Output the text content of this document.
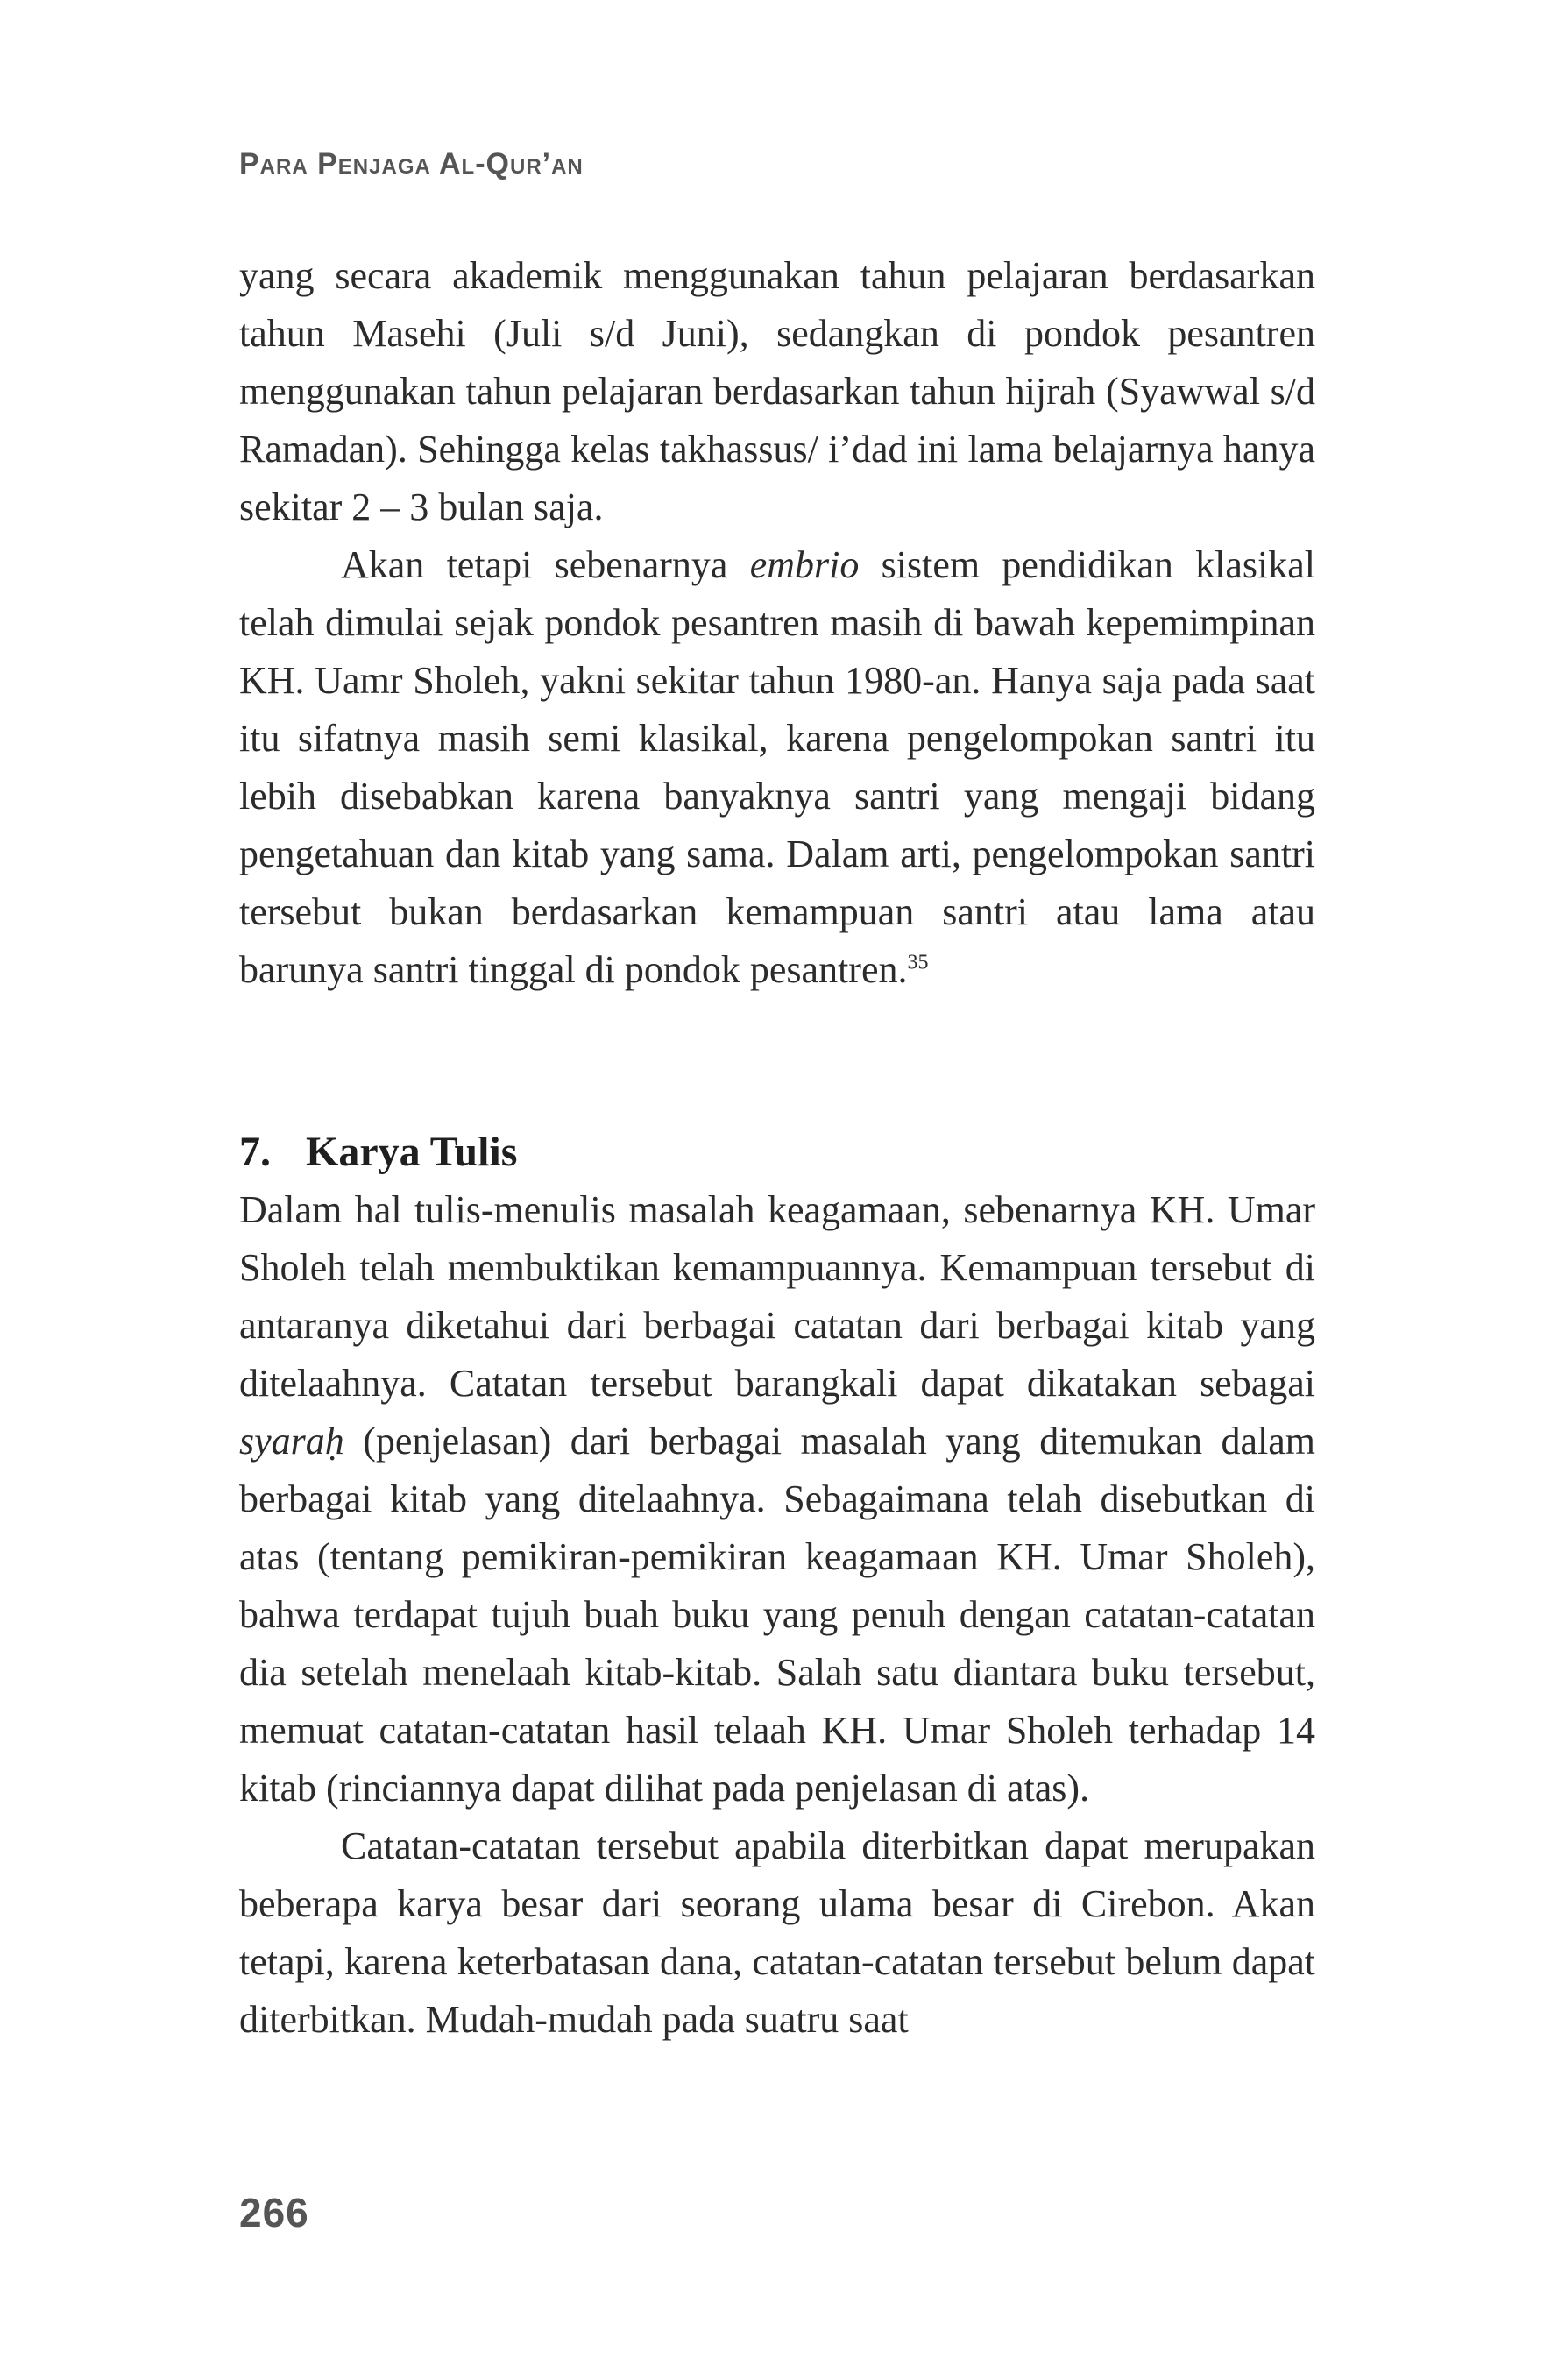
Para Penjaga Al-Qur’an

yang secara akademik menggunakan tahun pelajaran berdasarkan tahun Masehi (Juli s/d Juni), sedangkan di pondok pesantren menggunakan tahun pelajaran berdasarkan tahun hijrah (Syawwal s/d Ramadan). Sehingga kelas takhassus/ i’dad ini lama belajarnya hanya sekitar 2 – 3 bulan saja.

Akan tetapi sebenarnya embrio sistem pendidikan klasikal telah dimulai sejak pondok pesantren masih di bawah kepemimpinan KH. Uamr Sholeh, yakni sekitar tahun 1980-an. Hanya saja pada saat itu sifatnya masih semi klasikal, karena pengelompokan santri itu lebih disebabkan karena banyaknya santri yang mengaji bidang pengetahuan dan kitab yang sama. Dalam arti, pengelompokan santri tersebut bukan berdasarkan kemampuan santri atau lama atau barunya santri tinggal di pondok pesantren.$^{35}$

7. Karya Tulis

Dalam hal tulis-menulis masalah keagamaan, sebenarnya KH. Umar Sholeh telah membuktikan kemampuannya. Kemampuan tersebut di antaranya diketahui dari berbagai catatan dari berbagai kitab yang ditelaahnya. Catatan tersebut barangkali dapat dikatakan sebagai syaraḥ (penjelasan) dari berbagai masalah yang ditemukan dalam berbagai kitab yang ditelaahnya. Sebagaimana telah disebutkan di atas (tentang pemikiran-pemikiran keagamaan KH. Umar Sholeh), bahwa terdapat tujuh buah buku yang penuh dengan catatan-catatan dia setelah menelaah kitab-kitab. Salah satu diantara buku tersebut, memuat catatan-catatan hasil telaah KH. Umar Sholeh terhadap 14 kitab (rinciannya dapat dilihat pada penjelasan di atas).

Catatan-catatan tersebut apabila diterbitkan dapat merupakan beberapa karya besar dari seorang ulama besar di Cirebon. Akan tetapi, karena keterbatasan dana, catatan-catatan tersebut belum dapat diterbitkan. Mudah-mudah pada suatru saat

266
